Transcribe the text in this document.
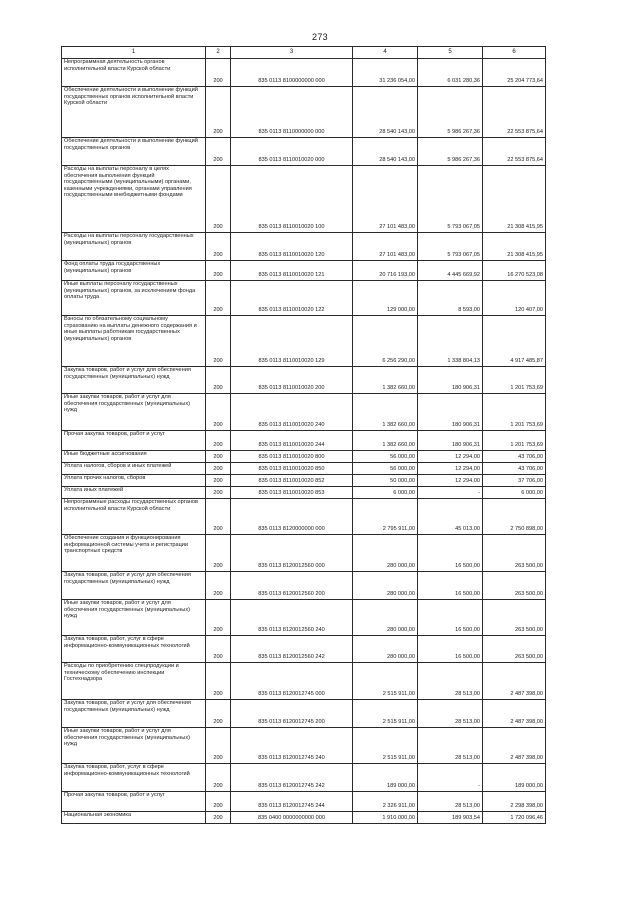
273
1	2	3	4	5	6
Непрограммная деятельность органов исполнительной власти Курской области	200	835 0113 8100000000 000	31 236 054,00	6 031 280,36	25 204 773,64
Обеспечение деятельности и выполнение функций государственных органов исполнительной власти Курской области	200	835 0113 8110000000 000	28 540 143,00	5 986 267,36	22 553 875,64
Обеспечение деятельности и выполнение функций государственных органов	200	835 0113 8110010020 000	28 540 143,00	5 986 267,36	22 553 875,64
Расходы на выплаты персоналу в целях обеспечения выполнения функций государственными (муниципальными) органами, казенными учреждениями, органами управления государственными внебюджетными фондами	200	835 0113 8110010020 100	27 101 483,00	5 793 067,05	21 308 415,95
Расходы на выплаты персоналу государственных (муниципальных) органов	200	835 0113 8110010020 120	27 101 483,00	5 793 067,05	21 308 415,95
Фонд оплаты труда государственных (муниципальных) органов	200	835 0113 8110010020 121	20 716 193,00	4 445 669,92	16 270 523,08
Иные выплаты персоналу государственных (муниципальных) органов, за исключением фонда оплаты труда	200	835 0113 8110010020 122	129 000,00	8 593,00	120 407,00
Взносы по обязательному социальному страхованию на выплаты денежного содержания и иные выплаты работникам государственных (муниципальных) органов	200	835 0113 8110010020 129	6 256 290,00	1 338 804,13	4 917 485,87
Закупка товаров, работ и услуг для обеспечения государственных (муниципальных) нужд	200	835 0113 8110010020 200	1 382 660,00	180 906,31	1 201 753,69
Иные закупки товаров, работ и услуг для обеспечения государственных (муниципальных) нужд	200	835 0113 8110010020 240	1 382 660,00	180 906,31	1 201 753,69
Прочая закупка товаров, работ и услуг	200	835 0113 8110010020 244	1 382 660,00	180 906,31	1 201 753,69
Иные бюджетные ассигнования	200	835 0113 8110010020 800	56 000,00	12 294,00	43 706,00
Уплата налогов, сборов и иных платежей	200	835 0113 8110010020 850	56 000,00	12 294,00	43 706,00
Уплата прочих налогов, сборов	200	835 0113 8110010020 852	50 000,00	12 294,00	37 706,00
Уплата иных платежей	200	835 0113 8110010020 853	6 000,00	-	6 000,00
Непрограммные расходы государственных органов исполнительной власти Курской области	200	835 0113 8120000000 000	2 795 911,00	45 013,00	2 750 898,00
Обеспечение создания и функционирования информационной системы учета и регистрации транспортных средств	200	835 0113 8120012560 000	280 000,00	16 500,00	263 500,00
Закупка товаров, работ и услуг для обеспечения государственных (муниципальных) нужд	200	835 0113 8120012560 200	280 000,00	16 500,00	263 500,00
Иные закупки товаров, работ и услуг для обеспечения государственных (муниципальных) нужд	200	835 0113 8120012560 240	280 000,00	16 500,00	263 500,00
Закупка товаров, работ, услуг в сфере информационно-коммуникационных технологий	200	835 0113 8120012560 242	280 000,00	16 500,00	263 500,00
Расходы по приобретению спецпродукции и техническому обеспечению инспекции Гостехнадзора	200	835 0113 8120012745 000	2 515 911,00	28 513,00	2 487 398,00
Закупка товаров, работ и услуг для обеспечения государственных (муниципальных) нужд	200	835 0113 8120012745 200	2 515 911,00	28 513,00	2 487 398,00
Иные закупки товаров, работ и услуг для обеспечения государственных (муниципальных) нужд	200	835 0113 8120012745 240	2 515 911,00	28 513,00	2 487 398,00
Закупка товаров, работ, услуг в сфере информационно-коммуникационных технологий	200	835 0113 8120012745 242	189 000,00	-	189 000,00
Прочая закупка товаров, работ и услуг	200	835 0113 8120012745 244	2 326 911,00	28 513,00	2 298 398,00
Национальная экономика	200	835 0400 0000000000 000	1 910 000,00	189 903,54	1 720 096,46
